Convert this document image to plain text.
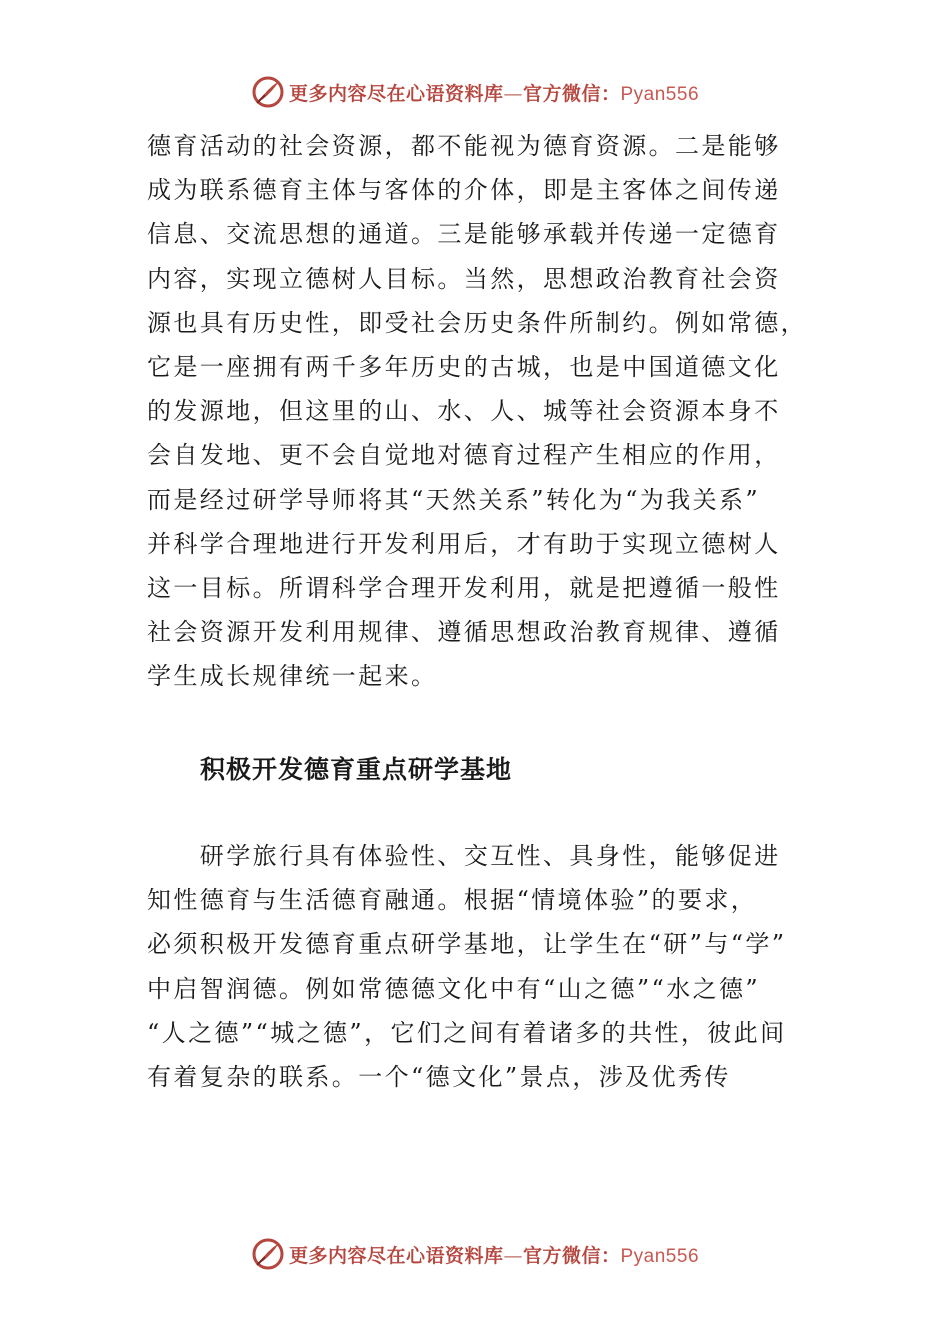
更多内容尽在心语资料库—官方微信：Pyan556
德育活动的社会资源，都不能视为德育资源。二是能够
成为联系德育主体与客体的介体，即是主客体之间传递
信息、交流思想的通道。三是能够承载并传递一定德育
内容，实现立德树人目标。当然，思想政治教育社会资
源也具有历史性，即受社会历史条件所制约。例如常德，
它是一座拥有两千多年历史的古城，也是中国道德文化
的发源地，但这里的山、水、人、城等社会资源本身不
会自发地、更不会自觉地对德育过程产生相应的作用，
而是经过研学导师将其“天然关系”转化为“为我关系”
并科学合理地进行开发利用后，才有助于实现立德树人
这一目标。所谓科学合理开发利用，就是把遵循一般性
社会资源开发利用规律、遵循思想政治教育规律、遵循
学生成长规律统一起来。
积极开发德育重点研学基地
　　研学旅行具有体验性、交互性、具身性，能够促进
知性德育与生活德育融通。根据“情境体验”的要求，
必须积极开发德育重点研学基地，让学生在“研”与“学”
中启智润德。例如常德德文化中有“山之德”“水之德”
“人之德”“城之德”，它们之间有着诸多的共性，彼此间
有着复杂的联系。一个“德文化”景点，涉及优秀传
更多内容尽在心语资料库—官方微信：Pyan556
